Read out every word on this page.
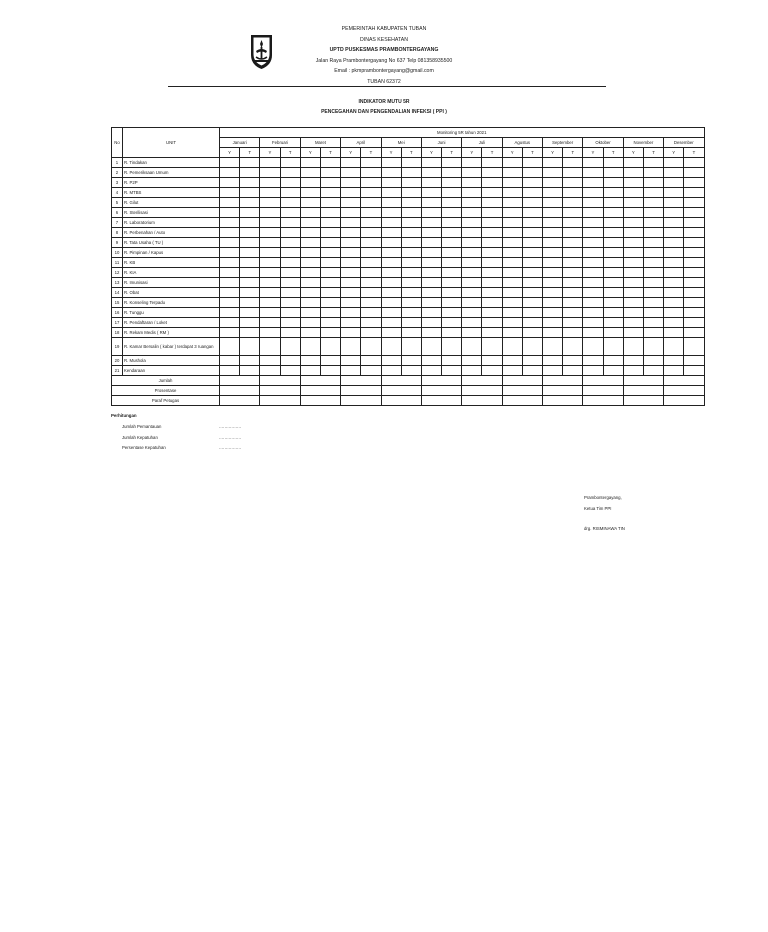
PEMERINTAH KABUPATEN TUBAN
DINAS KESEHATAN
UPTD PUSKESMAS PRAMBONTERGAYANG
Jalan Raya Prambontergayang No 637 Telp 081358935500
Email : pkmprambontergayang@gmail.com
TUBAN 62372
INDIKATOR MUTU 5R
PENCEGAHAN DAN PENGENDALIAN INFEKSI ( PPI )
No	UNIT	Monitoring 5R tahun 2021																							
		Januari		Februari		Maret		April		Mei		Juni		Juli		Agustus		September		Oktober		November		Desember	
		Y	T	Y	T	Y	T	Y	T	Y	T	Y	T	Y	T	Y	T	Y	T	Y	T	Y	T	Y	T
1	R. Tindakan																								
2	R. Pemeriksaan Umum																								
3	R. P2P																								
4	R. MTBS																								
5	R. Gilut																								
6	R. Sterilisasi																								
7	R. Laboratorium																								
8	R. Perbenahan / Auto																								
9	R. Tata Usaha ( TU )																								
10	R. Pimpinan / Kapus																								
11	R. KB																								
12	R. KIA																								
13	R. Imunisasi																								
14	R. Obat																								
15	R. Konseling Terpadu																								
16	R. Tunggu																								
17	R. Pendaftaran / Loket																								
18	R. Rekam Medis ( RM )																								
19	R. Kamar Bersalin ( kabar ) terdapat 3 ruangan																								
20	R. Mushola																								
21	Kendaraan																								
Jumlah																									
Prosentase																									
Paraf Petugas																									
Perhitungan
Jumlah Pemantauan	................
Jumlah Kepatuhan	................
Persentase Kepatuhan	................
Prambontergayang,
Ketua Tim PPI
drg. RISMINAWA TIN
